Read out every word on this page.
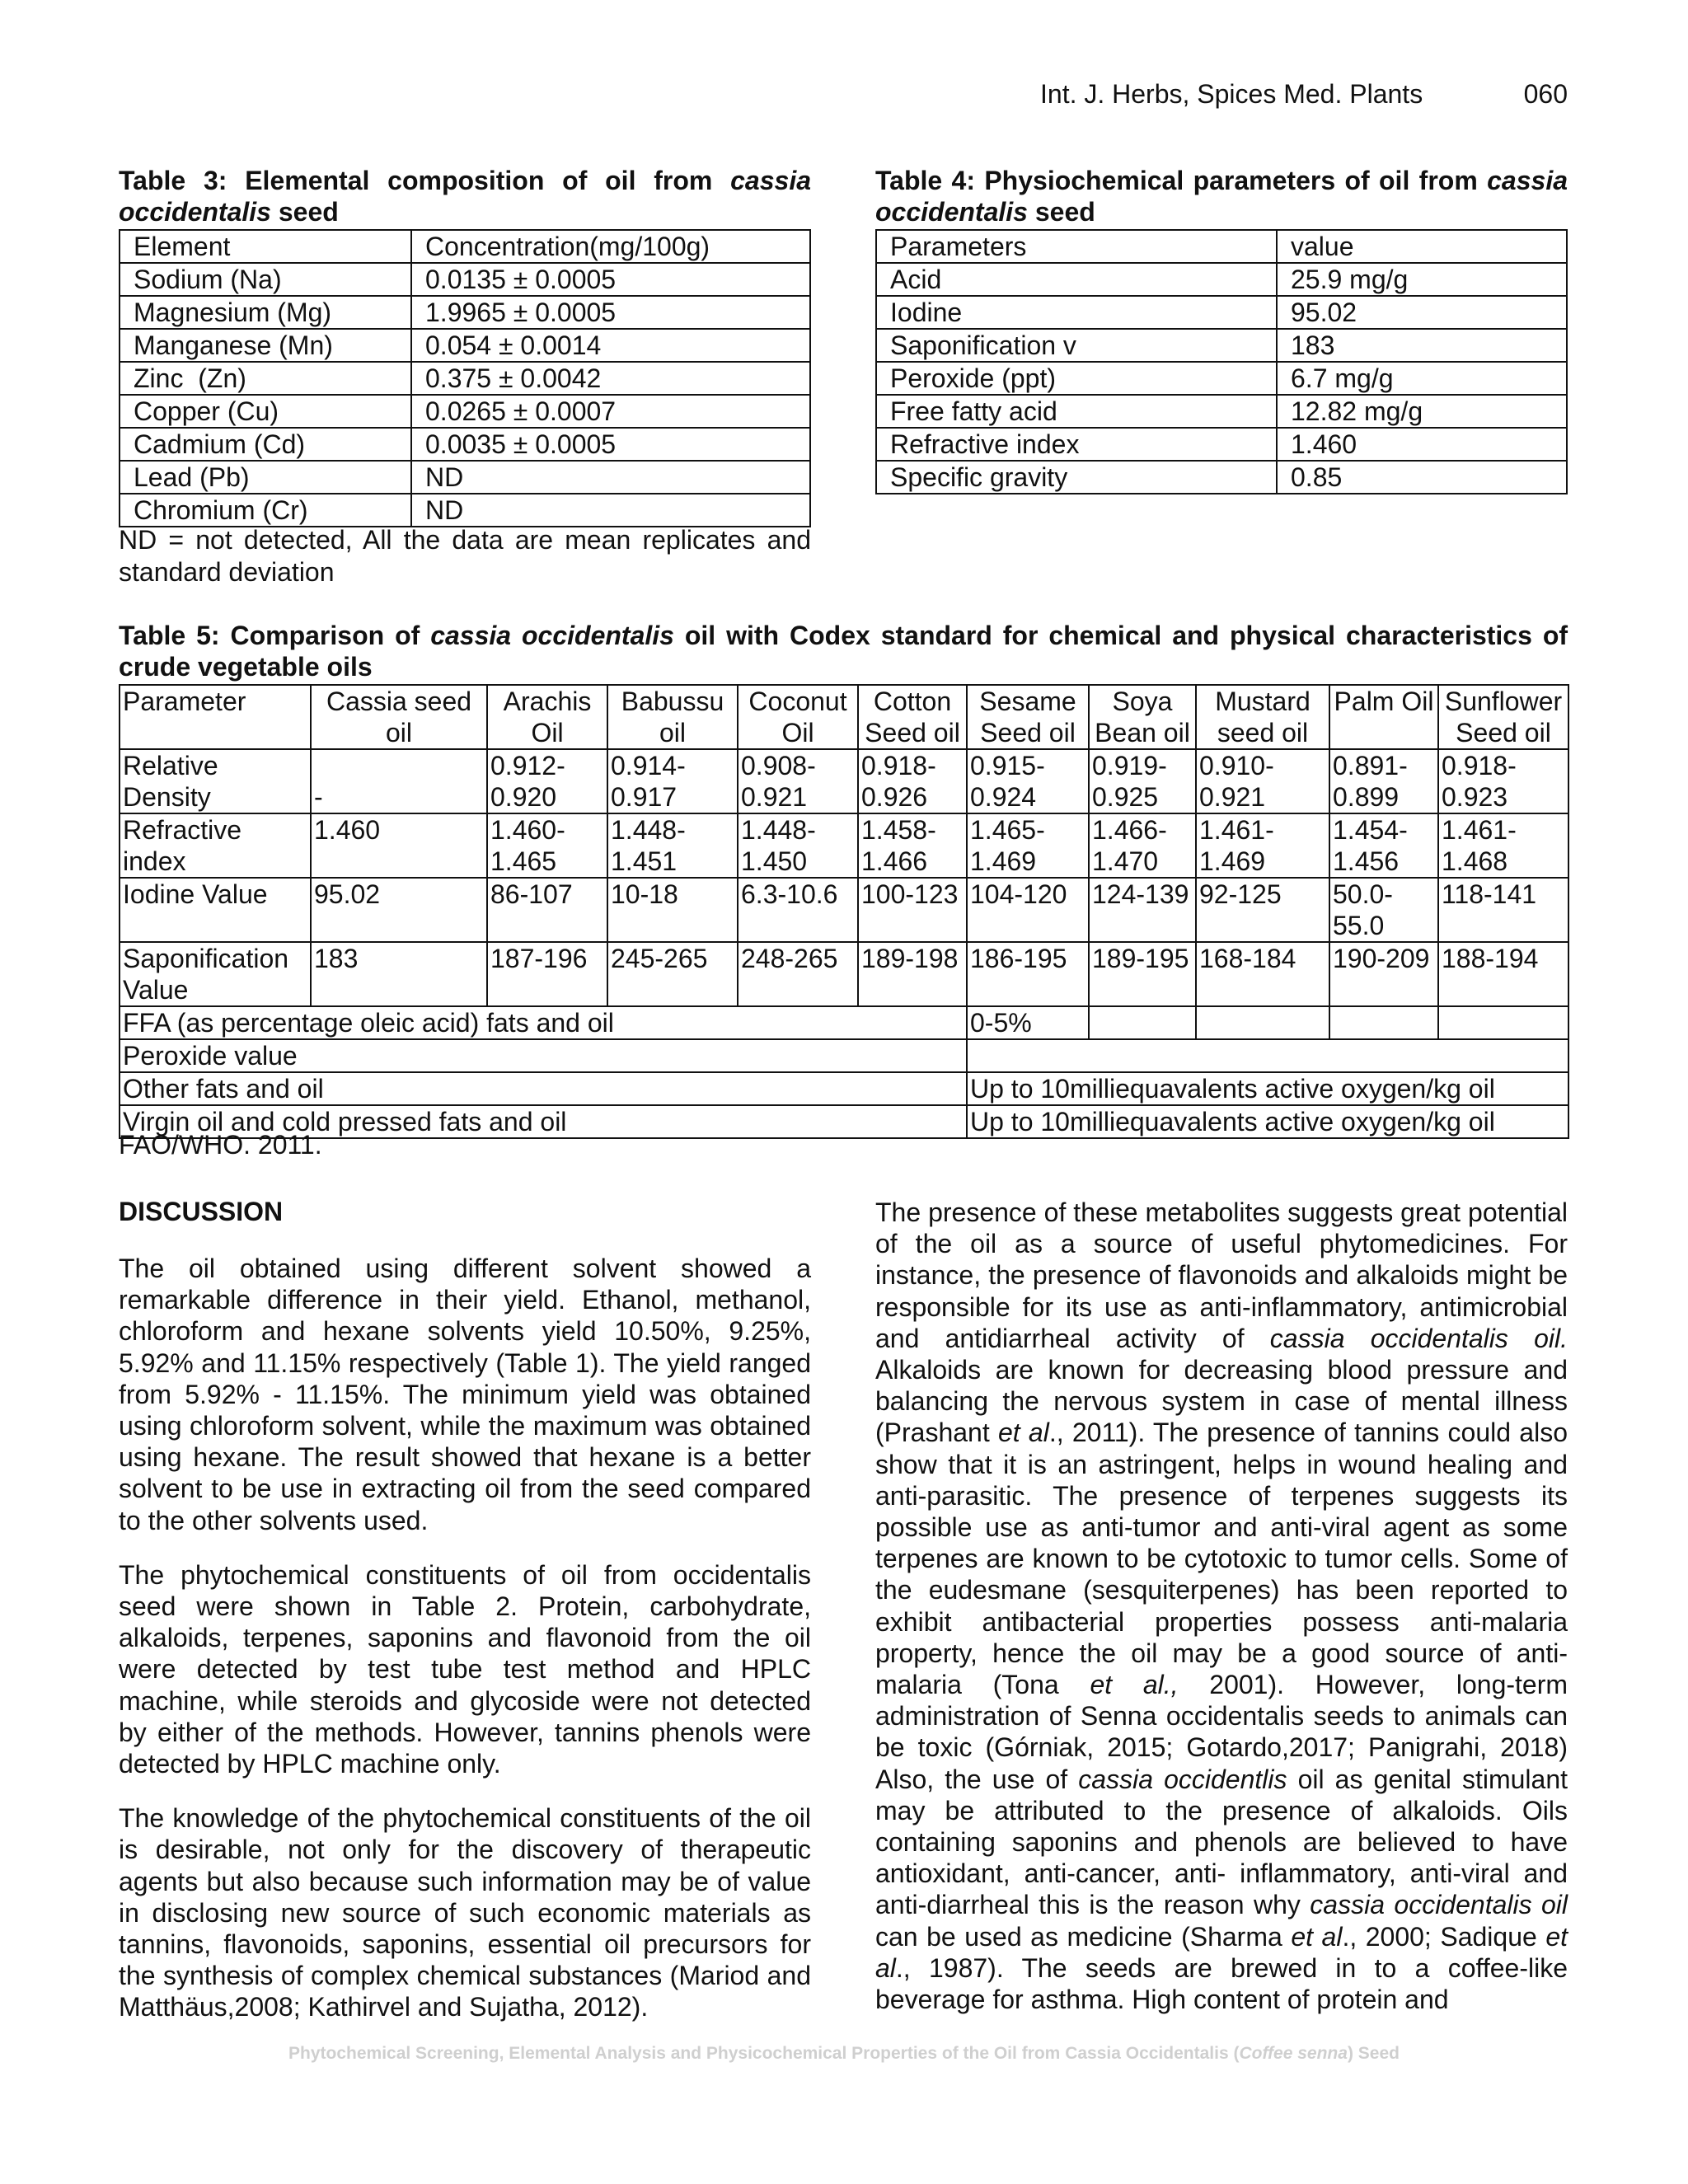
Int. J. Herbs, Spices Med. Plants	060
Table 3: Elemental composition of oil from cassia occidentalis seed
Element	Concentration(mg/100g)
Sodium (Na)	0.0135 ± 0.0005
Magnesium (Mg)	1.9965 ± 0.0005
Manganese (Mn)	0.054 ± 0.0014
Zinc  (Zn)	0.375 ± 0.0042
Copper (Cu)	0.0265 ± 0.0007
Cadmium (Cd)	0.0035 ± 0.0005
Lead (Pb)	ND
Chromium (Cr)	ND
ND = not detected, All the data are mean replicates and standard deviation
Table 4: Physiochemical parameters of oil from cassia occidentalis seed
Parameters	value
Acid	25.9 mg/g
Iodine	95.02
Saponification v	183
Peroxide (ppt)	6.7 mg/g
Free fatty acid	12.82 mg/g
Refractive index	1.460
Specific gravity	0.85
Table 5: Comparison of cassia occidentalis oil with Codex standard for chemical and physical characteristics of crude vegetable oils
Parameter	Cassia seed oil	Arachis Oil	Babussu oil	Coconut Oil	Cotton Seed oil	Sesame Seed oil	Soya Bean oil	Mustard seed oil	Palm Oil	Sunflower Seed oil
Relative Density	-	0.912-0.920	0.914-0.917	0.908-0.921	0.918-0.926	0.915-0.924	0.919-0.925	0.910-0.921	0.891-0.899	0.918-0.923
Refractive index	1.460	1.460-1.465	1.448-1.451	1.448-1.450	1.458-1.466	1.465-1.469	1.466-1.470	1.461-1.469	1.454-1.456	1.461-1.468
Iodine Value	95.02	86-107	10-18	6.3-10.6	100-123	104-120	124-139	92-125	50.0-55.0	118-141
Saponification Value	183	187-196	245-265	248-265	189-198	186-195	189-195	168-184	190-209	188-194
FFA (as percentage oleic acid) fats and oil						0-5%				
Peroxide value										
Other fats and oil						Up to 10milliequavalents active oxygen/kg oil				
Virgin oil and cold pressed fats and oil						Up to 10milliequavalents active oxygen/kg oil				
FAO/WHO. 2011.
DISCUSSION

The oil obtained using different solvent showed a remarkable difference in their yield. Ethanol, methanol, chloroform and hexane solvents yield 10.50%, 9.25%, 5.92% and 11.15% respectively (Table 1). The yield ranged from 5.92% - 11.15%. The minimum yield was obtained using chloroform solvent, while the maximum was obtained using hexane. The result showed that hexane is a better solvent to be use in extracting oil from the seed compared to the other solvents used.

The phytochemical constituents of oil from occidentalis seed were shown in Table 2. Protein, carbohydrate, alkaloids, terpenes, saponins and flavonoid from the oil were detected by test tube test method and HPLC machine, while steroids and glycoside were not detected by either of the methods. However, tannins phenols were detected by HPLC machine only.

The knowledge of the phytochemical constituents of the oil is desirable, not only for the discovery of therapeutic agents but also because such information may be of value in disclosing new source of such economic materials as tannins, flavonoids, saponins, essential oil precursors for the synthesis of complex chemical substances (Mariod and Matthäus,2008; Kathirvel and Sujatha, 2012).

The presence of these metabolites suggests great potential of the oil as a source of useful phytomedicines. For instance, the presence of flavonoids and alkaloids might be responsible for its use as anti-inflammatory, antimicrobial and antidiarrheal activity of cassia occidentalis oil. Alkaloids are known for decreasing blood pressure and balancing the nervous system in case of mental illness (Prashant et al., 2011). The presence of tannins could also show that it is an astringent, helps in wound healing and anti-parasitic. The presence of terpenes suggests its possible use as anti-tumor and anti-viral agent as some terpenes are known to be cytotoxic to tumor cells. Some of the eudesmane (sesquiterpenes) has been reported to exhibit antibacterial properties possess anti-malaria property, hence the oil may be a good source of anti-malaria (Tona et al., 2001). However, long-term administration of Senna occidentalis seeds to animals can be toxic (Górniak, 2015; Gotardo,2017; Panigrahi, 2018) Also, the use of cassia occidentlis oil as genital stimulant may be attributed to the presence of alkaloids. Oils containing saponins and phenols are believed to have antioxidant, anti-cancer, anti- inflammatory, anti-viral and anti-diarrheal this is the reason why cassia occidentalis oil can be used as medicine (Sharma et al., 2000; Sadique et al., 1987). The seeds are brewed in to a coffee-like beverage for asthma. High content of protein and

Phytochemical Screening, Elemental Analysis and Physicochemical Properties of the Oil from Cassia Occidentalis (Coffee senna) Seed
